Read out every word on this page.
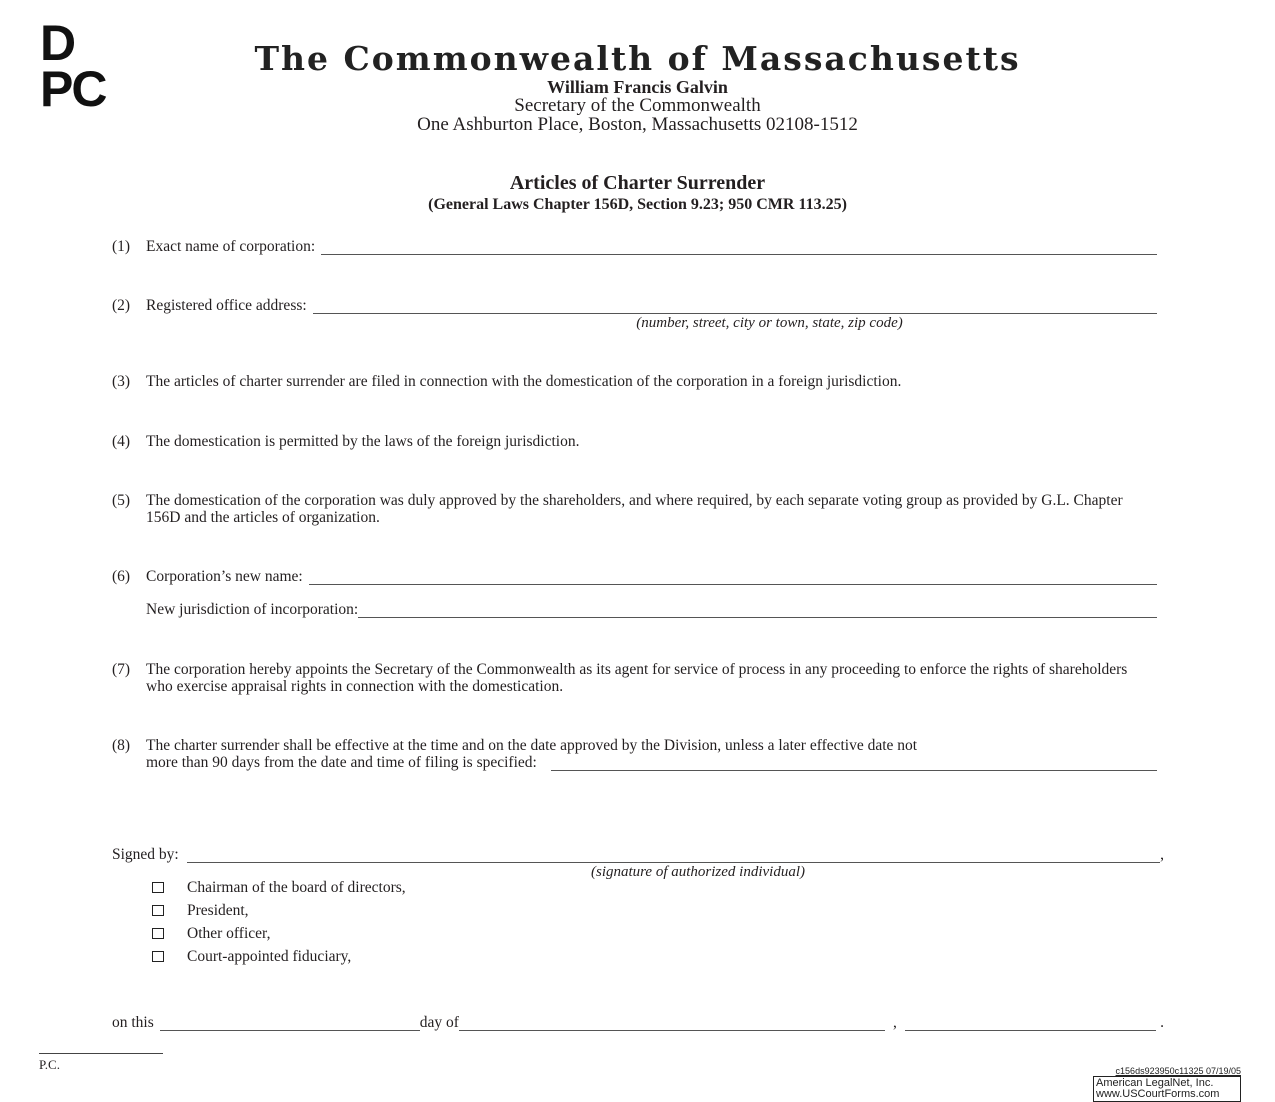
D
PC
The Commonwealth of Massachusetts
William Francis Galvin
Secretary of the Commonwealth
One Ashburton Place, Boston, Massachusetts 02108-1512
Articles of Charter Surrender
(General Laws Chapter 156D, Section 9.23; 950 CMR 113.25)
(1) Exact name of corporation:
(2) Registered office address:
(number, street, city or town, state, zip code)
(3) The articles of charter surrender are filed in connection with the domestication of the corporation in a foreign jurisdiction.
(4) The domestication is permitted by the laws of the foreign jurisdiction.
(5) The domestication of the corporation was duly approved by the shareholders, and where required, by each separate voting group as provided by G.L. Chapter 156D and the articles of organization.
(6) Corporation’s new name:
New jurisdiction of incorporation:
(7) The corporation hereby appoints the Secretary of the Commonwealth as its agent for service of process in any proceeding to enforce the rights of shareholders who exercise appraisal rights in connection with the domestication.
(8) The charter surrender shall be effective at the time and on the date approved by the Division, unless a later effective date not
more than 90 days from the date and time of filing is specified:
Signed by:	,
(signature of authorized individual)
Chairman of the board of directors,
President,
Other officer,
Court-appointed fiduciary,
on this	day of	,	.
P.C.	c156ds923950c11325 07/19/05
American LegalNet, Inc.
www.USCourtForms.com
